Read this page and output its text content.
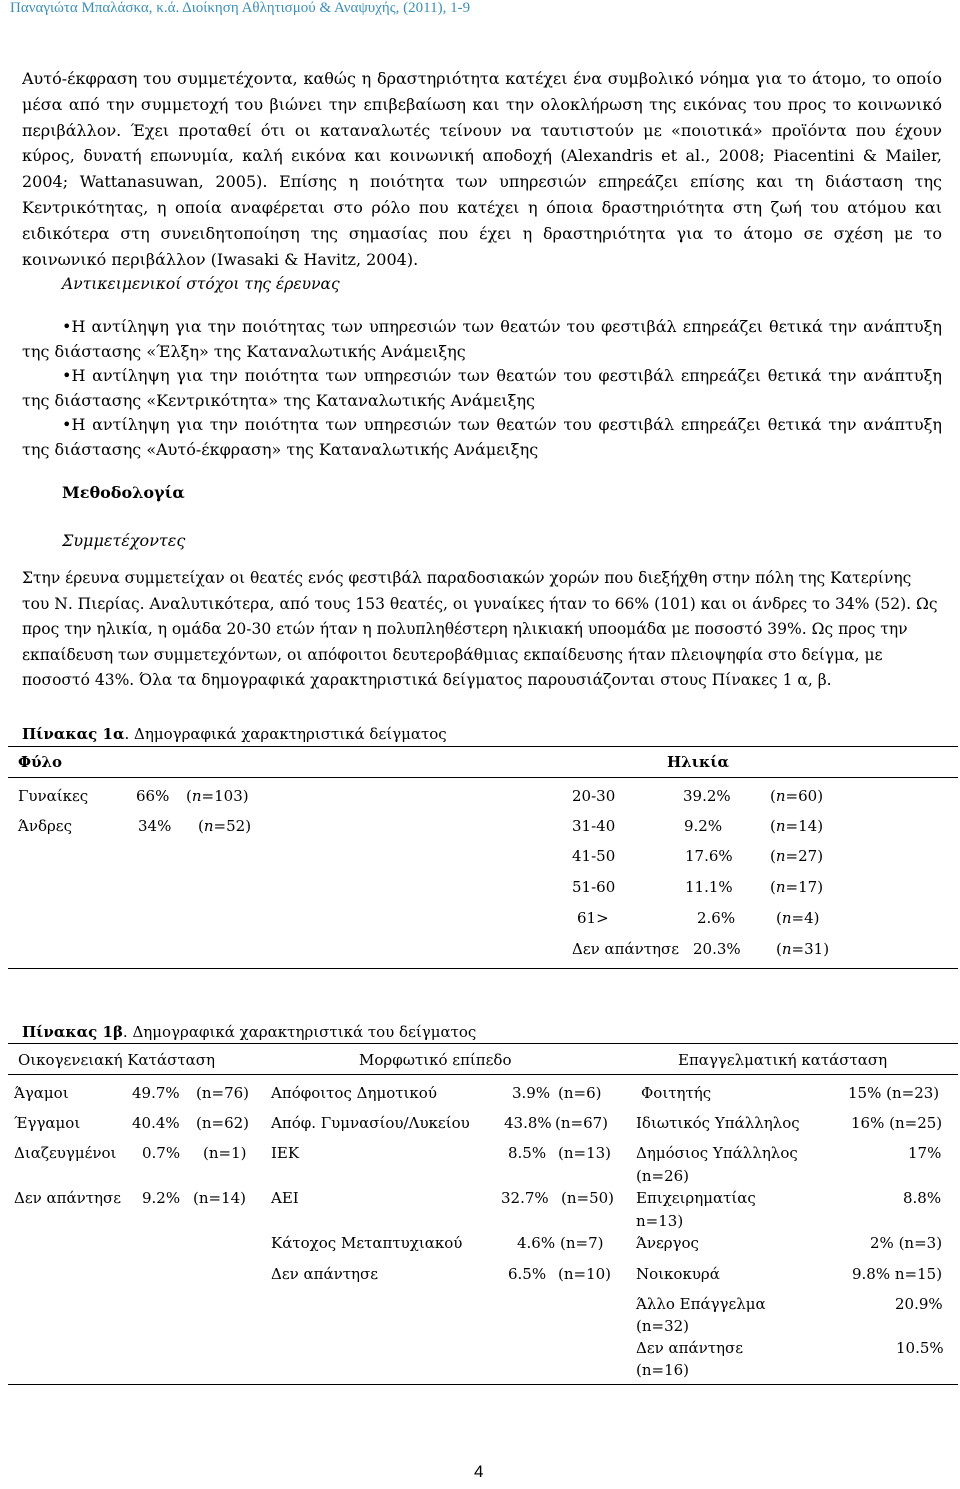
Παναγιώτα Μπαλάσκα, κ.ά. Διοίκηση Αθλητισμού & Αναψυχής, (2011), 1-9
Αυτό-έκφραση του συμμετέχοντα, καθώς η δραστηριότητα κατέχει ένα συμβολικό νόημα για το άτομο, το οποίο μέσα από την συμμετοχή του βιώνει την επιβεβαίωση και την ολοκλήρωση της εικόνας του προς το κοινωνικό περιβάλλον. Έχει προταθεί ότι οι καταναλωτές τείνουν να ταυτιστούν με «ποιοτικά» προϊόντα που έχουν κύρος, δυνατή επωνυμία, καλή εικόνα και κοινωνική αποδοχή (Alexandris et al., 2008; Piacentini & Mailer, 2004; Wattanasuwan, 2005). Επίσης η ποιότητα των υπηρεσιών επηρεάζει επίσης και τη διάσταση της Κεντρικότητας, η οποία αναφέρεται στο ρόλο που κατέχει η όποια δραστηριότητα στη ζωή του ατόμου και ειδικότερα στη συνειδητοποίηση της σημασίας που έχει η δραστηριότητα για το άτομο σε σχέση με το κοινωνικό περιβάλλον (Iwasaki & Havitz, 2004).
Αντικειμενικοί στόχοι της έρευνας
•Η αντίληψη για την ποιότητας των υπηρεσιών των θεατών του φεστιβάλ επηρεάζει θετικά την ανάπτυξη της διάστασης «Έλξη» της Καταναλωτικής Ανάμειξης
•Η αντίληψη για την ποιότητα των υπηρεσιών των θεατών του φεστιβάλ επηρεάζει θετικά την ανάπτυξη της διάστασης «Κεντρικότητα» της Καταναλωτικής Ανάμειξης
•Η αντίληψη για την ποιότητα των υπηρεσιών των θεατών του φεστιβάλ επηρεάζει θετικά την ανάπτυξη της διάστασης «Αυτό-έκφραση» της Καταναλωτικής Ανάμειξης
Μεθοδολογία
Συμμετέχοντες
Στην έρευνα συμμετείχαν οι θεατές ενός φεστιβάλ παραδοσιακών χορών που διεξήχθη στην πόλη της Κατερίνης του Ν. Πιερίας. Αναλυτικότερα, από τους 153 θεατές, οι γυναίκες ήταν το 66% (101) και οι άνδρες το 34% (52). Ως προς την ηλικία, η ομάδα 20-30 ετών ήταν η πολυπληθέστερη ηλικιακή υποομάδα με ποσοστό 39%. Ως προς την εκπαίδευση των συμμετεχόντων, οι απόφοιτοι δευτεροβάθμιας εκπαίδευσης ήταν πλειοψηφία στο δείγμα, με ποσοστό 43%. Όλα τα δημογραφικά χαρακτηριστικά δείγματος παρουσιάζονται στους Πίνακες 1 α, β.
Πίνακας 1α. Δημογραφικά χαρακτηριστικά δείγματος
Φύλο	Ηλικία
Γυναίκες	66% (n=103)
Άνδρες	34% (n=52)
20-30	39.2%	(n=60)
31-40	9.2%	(n=14)
41-50	17.6% (n=27)
51-60	11.1% (n=17)
61>	2.6%	(n=4)
Δεν απάντησε 20.3% (n=31)
Πίνακας 1β. Δημογραφικά χαρακτηριστικά του δείγματος
Οικογενειακή Κατάσταση	Μορφωτικό επίπεδο	Επαγγελματική κατάσταση
Άγαμοι	49.7% (n=76)
Έγγαμοι	40.4% (n=62)
Διαζευγμένοι 0.7% (n=1)
Δεν απάντησε 9.2% (n=14)
Απόφοιτος Δημοτικού	3.9% (n=6)
Απόφ. Γυμνασίου/Λυκείου 43.8% (n=67)
ΙΕΚ	8.5% (n=13)
ΑΕΙ	32.7% (n=50)
Κάτοχος Μεταπτυχιακού	4.6% (n=7)
Δεν απάντησε	6.5% (n=10)
Φοιτητής	15% (n=23)
Ιδιωτικός Υπάλληλος	16% (n=25)
Δημόσιος Υπάλληλος	17%
(n=26)
Επιχειρηματίας	8.8%
n=13)
Άνεργος	2% (n=3)
Νοικοκυρά	9.8% n=15)
Άλλο Επάγγελμα	20.9%
(n=32)
Δεν απάντησε	10.5%
(n=16)
4
